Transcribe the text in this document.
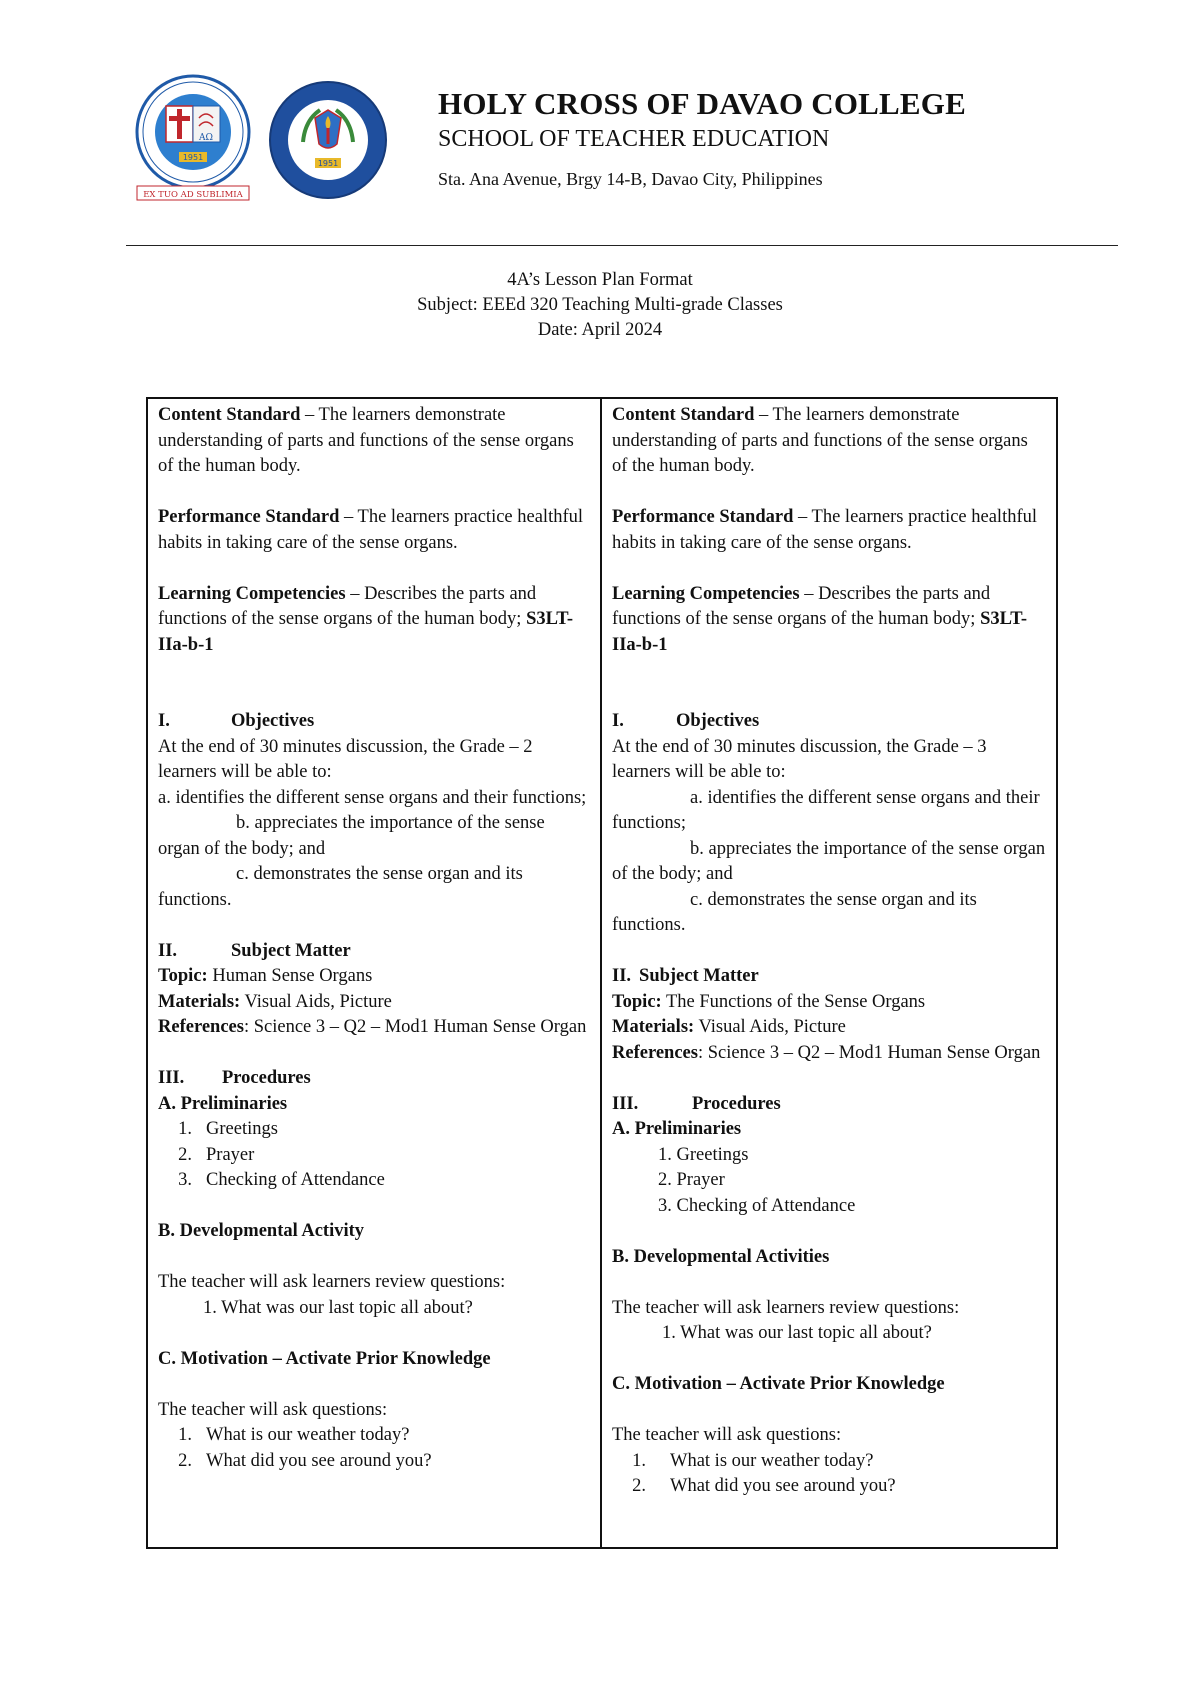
AΩ
1951
EX TUO AD SUBLIMIA
1951

HOLY CROSS OF DAVAO COLLEGE

SCHOOL OF TEACHER EDUCATION

Sta. Ana Avenue, Brgy 14-B, Davao City, Philippines
4A’s Lesson Plan Format
Subject: EEEd 320 Teaching Multi-grade Classes
Date: April 2024

Content Standard – The learners demonstrate understanding of parts and functions of the sense organs of the human body.

Performance Standard – The learners practice healthful habits in taking care of the sense organs.

Learning Competencies – Describes the parts and functions of the sense organs of the human body; S3LT-IIa-b-1

I.	Objectives

At the end of 30 minutes discussion, the Grade – 2 learners will be able to:

a. identifies the different sense organs and their functions;

b. appreciates the importance of the sense organ of the body; and

c. demonstrates the sense organ and its functions.

II.	Subject Matter

Topic: Human Sense Organs

Materials: Visual Aids, Picture

References: Science 3 – Q2 – Mod1 Human Sense Organ

III. Procedures

A. Preliminaries

1. Greetings
2. Prayer
3. Checking of Attendance

B. Developmental Activity

The teacher will ask learners review questions:

1. What was our last topic all about?

C. Motivation – Activate Prior Knowledge

The teacher will ask questions:

1. What is our weather today?
2. What did you see around you?

Content Standard – The learners demonstrate understanding of parts and functions of the sense organs of the human body.

Performance Standard – The learners practice healthful habits in taking care of the sense organs.

Learning Competencies – Describes the parts and functions of the sense organs of the human body; S3LT-IIa-b-1

I.	Objectives

At the end of 30 minutes discussion, the Grade – 3 learners will be able to:

a. identifies the different sense organs and their functions;

b. appreciates the importance of the sense organ of the body; and

c. demonstrates the sense organ and its functions.

II. Subject Matter

Topic: The Functions of the Sense Organs

Materials: Visual Aids, Picture

References: Science 3 – Q2 – Mod1 Human Sense Organ

III.	Procedures

A. Preliminaries

1. Greetings

2. Prayer

3. Checking of Attendance

B. Developmental Activities

The teacher will ask learners review questions:

1. What was our last topic all about?

C. Motivation – Activate Prior Knowledge

The teacher will ask questions:

1. What is our weather today?
2. What did you see around you?
